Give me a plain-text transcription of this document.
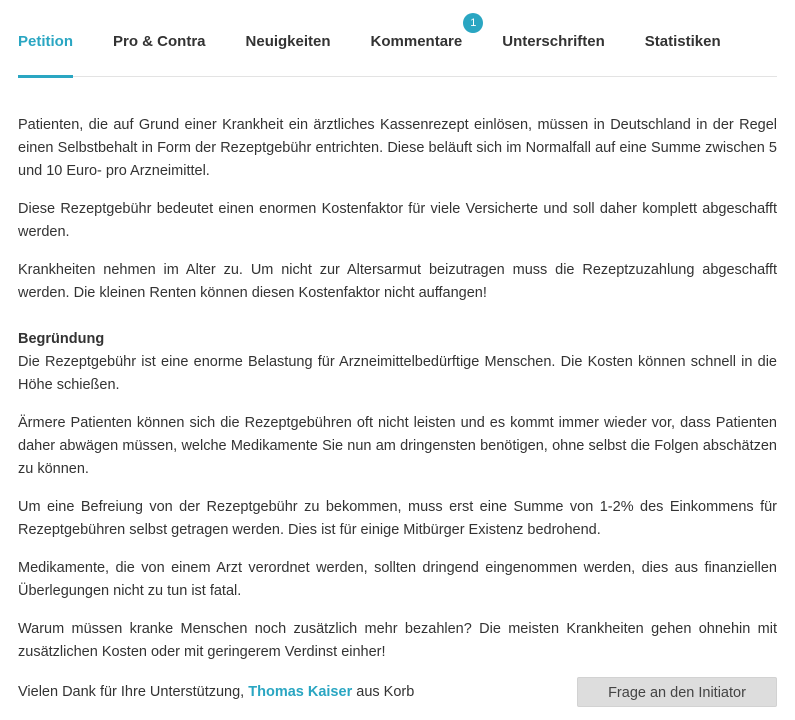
Petition	Pro & Contra	Neuigkeiten	Kommentare
1
Unterschriften	Statistiken

Patienten, die auf Grund einer Krankheit ein ärztliches Kassenrezept einlösen, müssen in Deutschland in der Regel einen Selbstbehalt in Form der Rezeptgebühr entrichten. Diese beläuft sich im Normalfall auf eine Summe zwischen 5 und 10 Euro- pro Arzneimittel.

Diese Rezeptgebühr bedeutet einen enormen Kostenfaktor für viele Versicherte und soll daher komplett abgeschafft werden.

Krankheiten nehmen im Alter zu. Um nicht zur Altersarmut beizutragen muss die Rezeptzuzahlung abgeschafft werden. Die kleinen Renten können diesen Kostenfaktor nicht auffangen!

Begründung

Die Rezeptgebühr ist eine enorme Belastung für Arzneimittelbedürftige Menschen. Die Kosten können schnell in die Höhe schießen.

Ärmere Patienten können sich die Rezeptgebühren oft nicht leisten und es kommt immer wieder vor, dass Patienten daher abwägen müssen, welche Medikamente Sie nun am dringensten benötigen, ohne selbst die Folgen abschätzen zu können.

Um eine Befreiung von der Rezeptgebühr zu bekommen, muss erst eine Summe von 1-2% des Einkommens für Rezeptgebühren selbst getragen werden. Dies ist für einige Mitbürger Existenz bedrohend.

Medikamente, die von einem Arzt verordnet werden, sollten dringend eingenommen werden, dies aus finanziellen Überlegungen nicht zu tun ist fatal.

Warum müssen kranke Menschen noch zusätzlich mehr bezahlen? Die meisten Krankheiten gehen ohnehin mit zusätzlichen Kosten oder mit geringerem Verdinst einher!

Vielen Dank für Ihre Unterstützung, Thomas Kaiser aus Korb	Frage an den Initiator
